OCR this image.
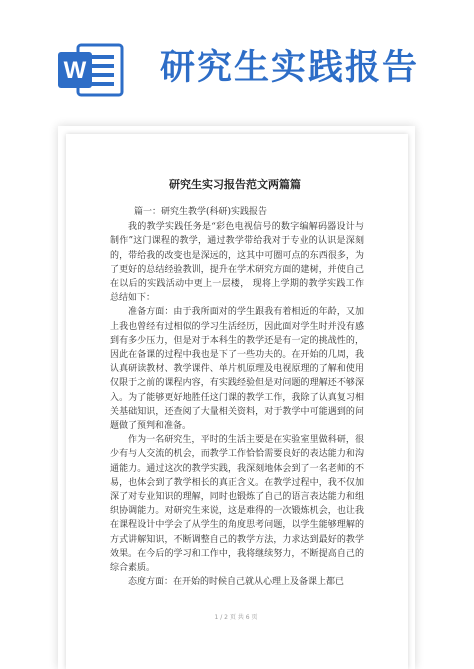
W 研究生实践报告
研究生实习报告范文两篇篇

篇一：研究生教学(科研)实践报告

我的教学实践任务是“彩色电视信号的数字编解码器设计与制作”这门课程的教学，通过教学带给我对于专业的认识是深刻的，带给我的改变也是深远的，这其中可圈可点的东西很多，为了更好的总结经验教训，提升在学术研究方面的建树，并使自己在以后的实践活动中更上一层楼， 现将上学期的教学实践工作总结如下：

准备方面：由于我所面对的学生跟我有着相近的年龄，又加上我也曾经有过相似的学习生活经历，因此面对学生时并没有感到有多少压力，但是对于本科生的教学还是有一定的挑战性的，因此在备课的过程中我也是下了一些功夫的。在开始的几周，我认真研读教材、教学课件、单片机原理及电视原理的了解和使用仅限于之前的课程内容，有实践经验但是对问题的理解还不够深入。为了能够更好地胜任这门课的教学工作，我除了认真复习相关基础知识，还查阅了大量相关资料，对于教学中可能遇到的问题做了预判和准备。

作为一名研究生，平时的生活主要是在实验室里做科研，很少有与人交流的机会，而教学工作恰恰需要良好的表达能力和沟通能力。通过这次的教学实践，我深刻地体会到了一名老师的不易，也体会到了教学相长的真正含义。在教学过程中，我不仅加深了对专业知识的理解，同时也锻炼了自己的语言表达能力和组织协调能力。对研究生来说，这是难得的一次锻炼机会，也让我在课程设计中学会了从学生的角度思考问题，以学生能够理解的方式讲解知识，不断调整自己的教学方法，力求达到最好的教学效果。在今后的学习和工作中，我将继续努力，不断提高自己的综合素质。

态度方面：在开始的时候自己就从心理上及备课上都已

1 / 2 页 共 6 页
